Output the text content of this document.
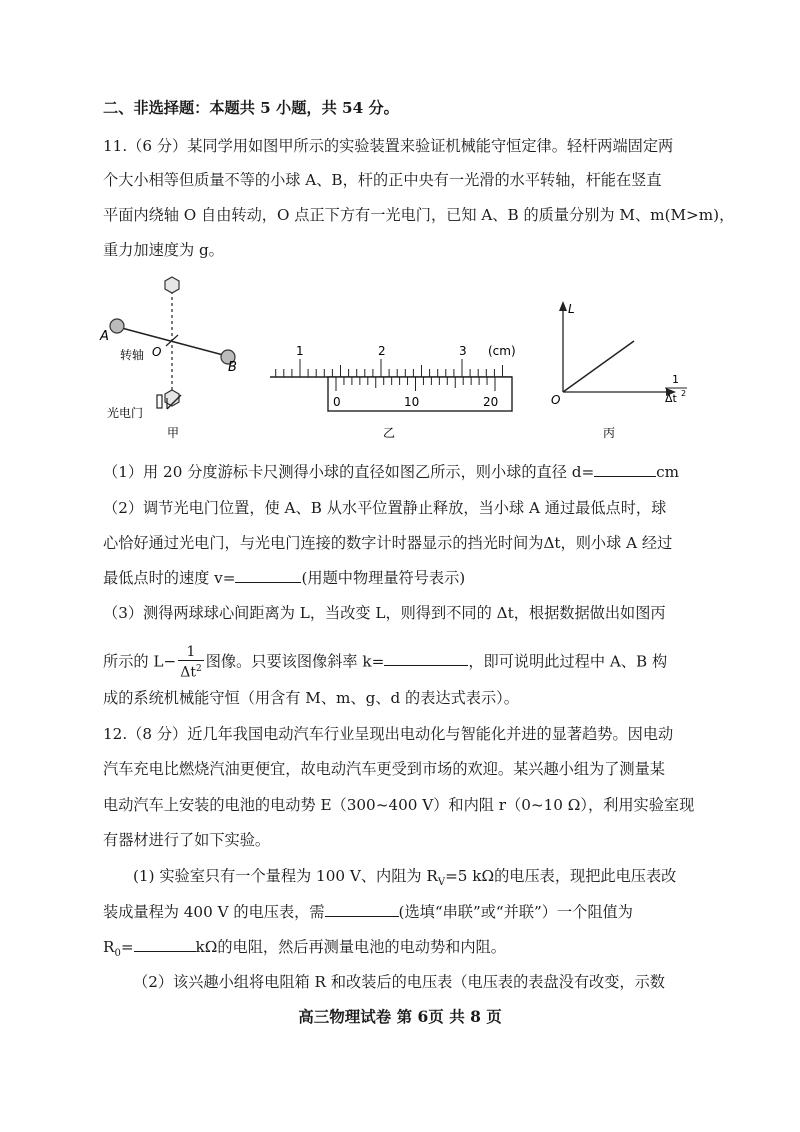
二、非选择题：本题共 5 小题，共 54 分。
11.（6 分）某同学用如图甲所示的实验装置来验证机械能守恒定律。轻杆两端固定两
个大小相等但质量不等的小球 A、B，杆的正中央有一光滑的水平转轴，杆能在竖直
平面内绕轴 O 自由转动，O 点正下方有一光电门，已知 A、B 的质量分别为 M、m(M>m)，
重力加速度为 g。
A
B
O
转轴
光电门
甲
1	2	3 (cm)
0	10	20
乙
L
O
1
Δt 2
丙
（1）用 20 分度游标卡尺测得小球的直径如图乙所示，则小球的直径 d=	cm
（2）调节光电门位置，使 A、B 从水平位置静止释放，当小球 A 通过最低点时，球
心恰好通过光电门，与光电门连接的数字计时器显示的挡光时间为Δt，则小球 A 经过
最低点时的速度 v=	(用题中物理量符号表示)
（3）测得两球球心间距离为 L，当改变 L，则得到不同的 Δt，根据数据做出如图丙
所示的 $L- \frac{1}{\Delta t^2}$ 图像。只要该图像斜率 k=	，即可说明此过程中 A、B 构
成的系统机械能守恒（用含有 M、m、g、d 的表达式表示）。
12.（8 分）近几年我国电动汽车行业呈现出电动化与智能化并进的显著趋势。因电动
汽车充电比燃烧汽油更便宜，故电动汽车更受到市场的欢迎。某兴趣小组为了测量某
电动汽车上安装的电池的电动势 E（300~400 V）和内阻 r（0~10 Ω），利用实验室现
有器材进行了如下实验。
(1) 实验室只有一个量程为 100 V、内阻为 $R_V=5$ kΩ的电压表，现把此电压表改
装成量程为 400 V 的电压表，需	(选填“串联”或“并联”）一个阻值为
$R_0=$	kΩ的电阻，然后再测量电池的电动势和内阻。
（2）该兴趣小组将电阻箱 R 和改装后的电压表（电压表的表盘没有改变，示数
高三物理试卷 第 6页 共 8 页
